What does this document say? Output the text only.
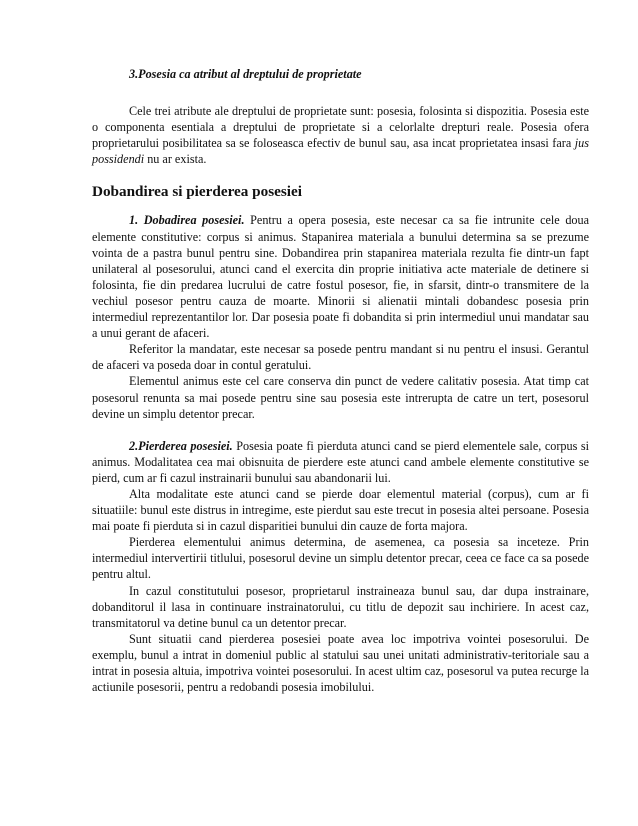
3.Posesia ca atribut al dreptului de proprietate

Cele trei atribute ale dreptului de proprietate sunt: posesia, folosinta si dispozitia. Posesia este o componenta esentiala a dreptului de proprietate si a celorlalte drepturi reale. Posesia ofera proprietarului posibilitatea sa se foloseasca efectiv de bunul sau, asa incat proprietatea insasi fara jus possidendi nu ar exista.

Dobandirea si pierderea posesiei

1. Dobadirea posesiei. Pentru a opera posesia, este necesar ca sa fie intrunite cele doua elemente constitutive: corpus si animus. Stapanirea materiala a bunului determina sa se prezume vointa de a pastra bunul pentru sine. Dobandirea prin stapanirea materiala rezulta fie dintr-un fapt unilateral al posesorului, atunci cand el exercita din proprie initiativa acte materiale de detinere si folosinta, fie din predarea lucrului de catre fostul posesor, fie, in sfarsit, dintr-o transmitere de la vechiul posesor pentru cauza de moarte. Minorii si alienatii mintali dobandesc posesia prin intermediul reprezentantilor lor. Dar posesia poate fi dobandita si prin intermediul unui mandatar sau a unui gerant de afaceri.

Referitor la mandatar, este necesar sa posede pentru mandant si nu pentru el insusi. Gerantul de afaceri va poseda doar in contul geratului.

Elementul animus este cel care conserva din punct de vedere calitativ posesia. Atat timp cat posesorul renunta sa mai posede pentru sine sau posesia este intrerupta de catre un tert, posesorul devine un simplu detentor precar.

2.Pierderea posesiei. Posesia poate fi pierduta atunci cand se pierd elementele sale, corpus si animus. Modalitatea cea mai obisnuita de pierdere este atunci cand ambele elemente constitutive se pierd, cum ar fi cazul instrainarii bunului sau abandonarii lui.

Alta modalitate este atunci cand se pierde doar elementul material (corpus), cum ar fi situatiile: bunul este distrus in intregime, este pierdut sau este trecut in posesia altei persoane. Posesia mai poate fi pierduta si in cazul disparitiei bunului din cauze de forta majora.

Pierderea elementului animus determina, de asemenea, ca posesia sa inceteze. Prin intermediul intervertirii titlului, posesorul devine un simplu detentor precar, ceea ce face ca sa posede pentru altul.

In cazul constitutului posesor, proprietarul instraineaza bunul sau, dar dupa instrainare, dobanditorul il lasa in continuare instrainatorului, cu titlu de depozit sau inchiriere. In acest caz, transmitatorul va detine bunul ca un detentor precar.

Sunt situatii cand pierderea posesiei poate avea loc impotriva vointei posesorului. De exemplu, bunul a intrat in domeniul public al statului sau unei unitati administrativ-teritoriale sau a intrat in posesia altuia, impotriva vointei posesorului. In acest ultim caz, posesorul va putea recurge la actiunile posesorii, pentru a redobandi posesia imobilului.
